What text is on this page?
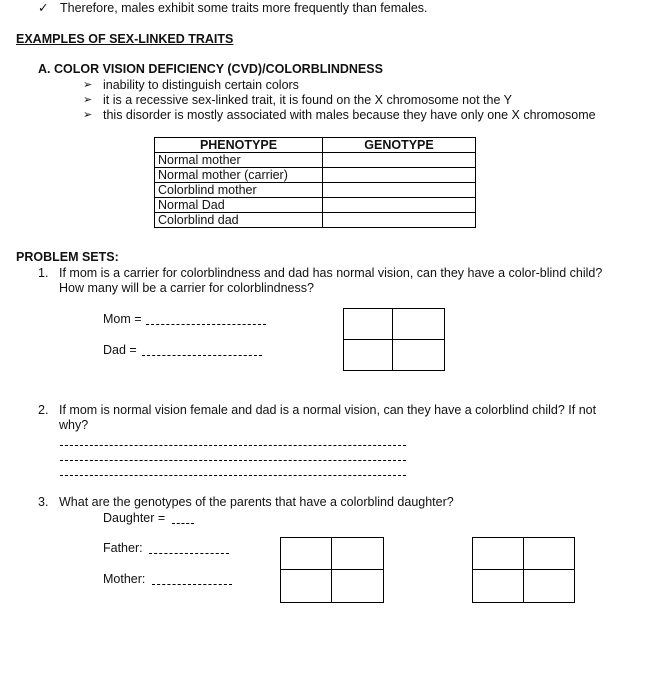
✓ Therefore, males exhibit some traits more frequently than females.
EXAMPLES OF SEX-LINKED TRAITS
A. COLOR VISION DEFICIENCY (CVD)/COLORBLINDNESS
➢ inability to distinguish certain colors
➢ it is a recessive sex-linked trait, it is found on the X chromosome not the Y
➢ this disorder is mostly associated with males because they have only one X chromosome
PHENOTYPE	GENOTYPE
Normal mother	
Normal mother (carrier)	
Colorblind mother	
Normal Dad	
Colorblind dad	
PROBLEM SETS:
1. If mom is a carrier for colorblindness and dad has normal vision, can they have a color-blind child?
How many will be a carrier for colorblindness?
Mom =
Dad =

2. If mom is normal vision female and dad is a normal vision, can they have a colorblind child? If not
why?
3. What are the genotypes of the parents that have a colorblind daughter?
Daughter =
Father:
Mother:
